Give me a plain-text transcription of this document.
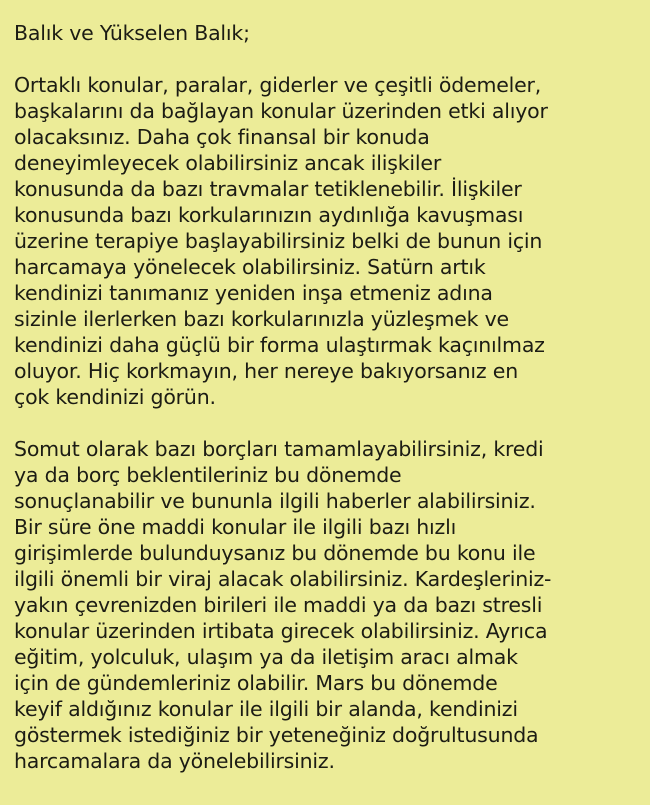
Balık ve Yükselen Balık;
Ortaklı konular, paralar, giderler ve çeşitli ödemeler,
başkalarını da bağlayan konular üzerinden etki alıyor
olacaksınız. Daha çok finansal bir konuda
deneyimleyecek olabilirsiniz ancak ilişkiler
konusunda da bazı travmalar tetiklenebilir. İlişkiler
konusunda bazı korkularınızın aydınlığa kavuşması
üzerine terapiye başlayabilirsiniz belki de bunun için
harcamaya yönelecek olabilirsiniz. Satürn artık
kendinizi tanımanız yeniden inşa etmeniz adına
sizinle ilerlerken bazı korkularınızla yüzleşmek ve
kendinizi daha güçlü bir forma ulaştırmak kaçınılmaz
oluyor. Hiç korkmayın, her nereye bakıyorsanız en
çok kendinizi görün.
Somut olarak bazı borçları tamamlayabilirsiniz, kredi
ya da borç beklentileriniz bu dönemde
sonuçlanabilir ve bununla ilgili haberler alabilirsiniz.
Bir süre öne maddi konular ile ilgili bazı hızlı
girişimlerde bulunduysanız bu dönemde bu konu ile
ilgili önemli bir viraj alacak olabilirsiniz. Kardeşleriniz-
yakın çevrenizden birileri ile maddi ya da bazı stresli
konular üzerinden irtibata girecek olabilirsiniz. Ayrıca
eğitim, yolculuk, ulaşım ya da iletişim aracı almak
için de gündemleriniz olabilir. Mars bu dönemde
keyif aldığınız konular ile ilgili bir alanda, kendinizi
göstermek istediğiniz bir yeteneğiniz doğrultusunda
harcamalara da yönelebilirsiniz.
